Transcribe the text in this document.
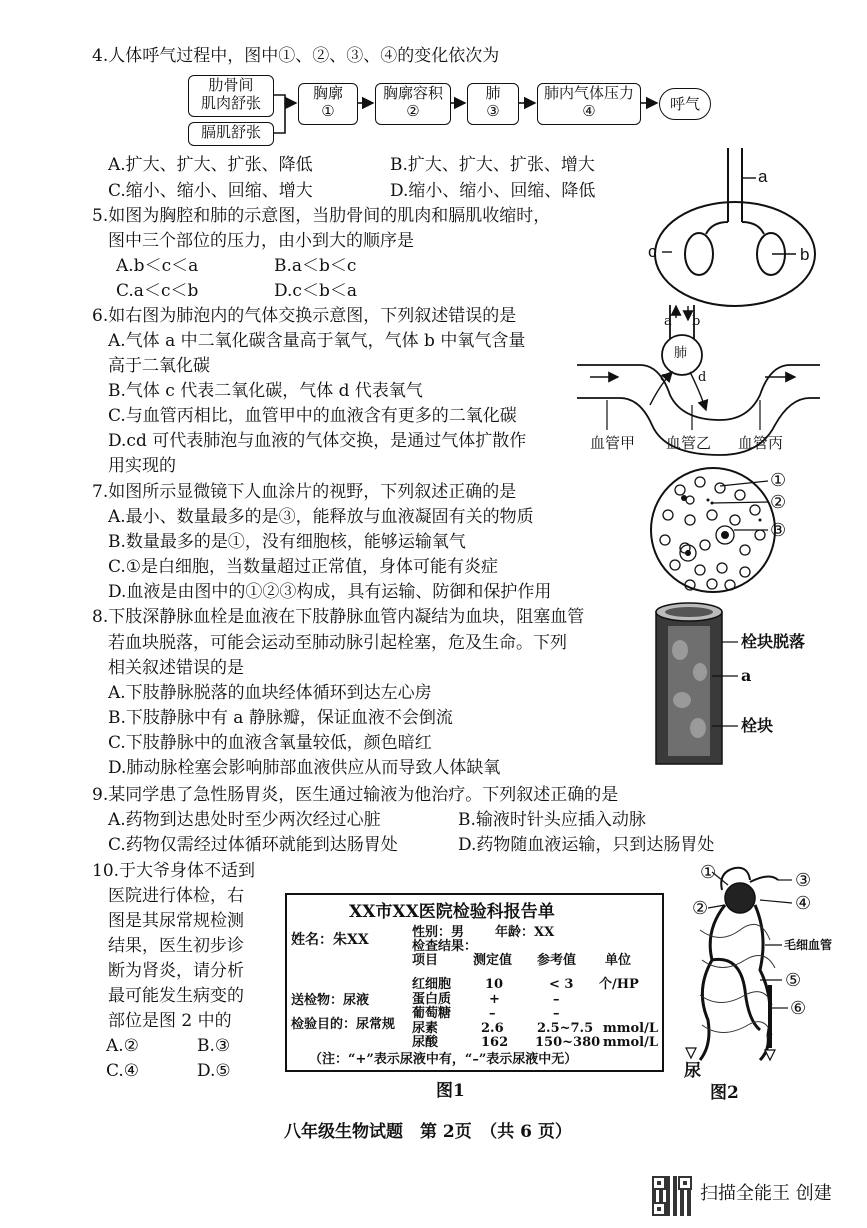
4.人体呼气过程中，图中①、②、③、④的变化依次为
肋骨间
肌肉舒张
膈肌舒张
胸廓
①
胸廓容积
②
肺
③
肺内气体压力
④	呼气
A.扩大、扩大、扩张、降低	B.扩大、扩大、扩张、增大
C.缩小、缩小、回缩、增大	D.缩小、缩小、回缩、降低
a
c	b
5.如图为胸腔和肺的示意图，当肋骨间的肌肉和膈肌收缩时，
图中三个部位的压力，由小到大的顺序是
A.b＜c＜a	B.a＜b＜c
C.a＜c＜b	D.c＜b＜a
6.如右图为肺泡内的气体交换示意图，下列叙述错误的是
A.气体 a 中二氧化碳含量高于氧气，气体 b 中氧气含量
高于二氧化碳
B.气体 c 代表二氧化碳，气体 d 代表氧气
C.与血管丙相比，血管甲中的血液含有更多的二氧化碳
D.cd 可代表肺泡与血液的气体交换，是通过气体扩散作
用实现的
a b
肺
c d
血管甲 血管乙 血管丙
7.如图所示显微镜下人血涂片的视野，下列叙述正确的是
A.最小、数量最多的是③，能释放与血液凝固有关的物质
B.数量最多的是①，没有细胞核，能够运输氧气
C.①是白细胞，当数量超过正常值，身体可能有炎症
D.血液是由图中的①②③构成，具有运输、防御和保护作用
①
②
③
8.下肢深静脉血栓是血液在下肢静脉血管内凝结为血块，阻塞血管
若血块脱落，可能会运动至肺动脉引起栓塞，危及生命。下列
相关叙述错误的是
A.下肢静脉脱落的血块经体循环到达左心房
B.下肢静脉中有 a 静脉瓣，保证血液不会倒流
C.下肢静脉中的血液含氧量较低，颜色暗红
D.肺动脉栓塞会影响肺部血液供应从而导致人体缺氧
栓块脱落
a
栓块
9.某同学患了急性肠胃炎，医生通过输液为他治疗。下列叙述正确的是
A.药物到达患处时至少两次经过心脏	B.输液时针头应插入动脉
C.药物仅需经过体循环就能到达肠胃处	D.药物随血液运输，只到达肠胃处
10.于大爷身体不适到
医院进行体检，右
图是其尿常规检测
结果，医生初步诊
断为肾炎，请分析
最可能发生病变的
部位是图 2 中的
A.②	B.③
C.④	D.⑤
XX市XX医院检验科报告单
姓名：朱XX	性别：男 年龄：XX
检查结果：
项目	测定值 参考值 单位
送检物：尿液
检验目的：尿常规
红细胞	10	< 3 个/HP
蛋白质	+	–
葡萄糖	–	–
尿素	2.6	2.5~7.5 mmol/L
尿酸	162 150~380 mmol/L
（注：“+”表示尿液中有，“–”表示尿液中无）
图1
①
②
③
④
毛细血管
⑤
⑥
尿
图2
八年级生物试题　第 2页　（共 6 页）
扫描全能王 创建
